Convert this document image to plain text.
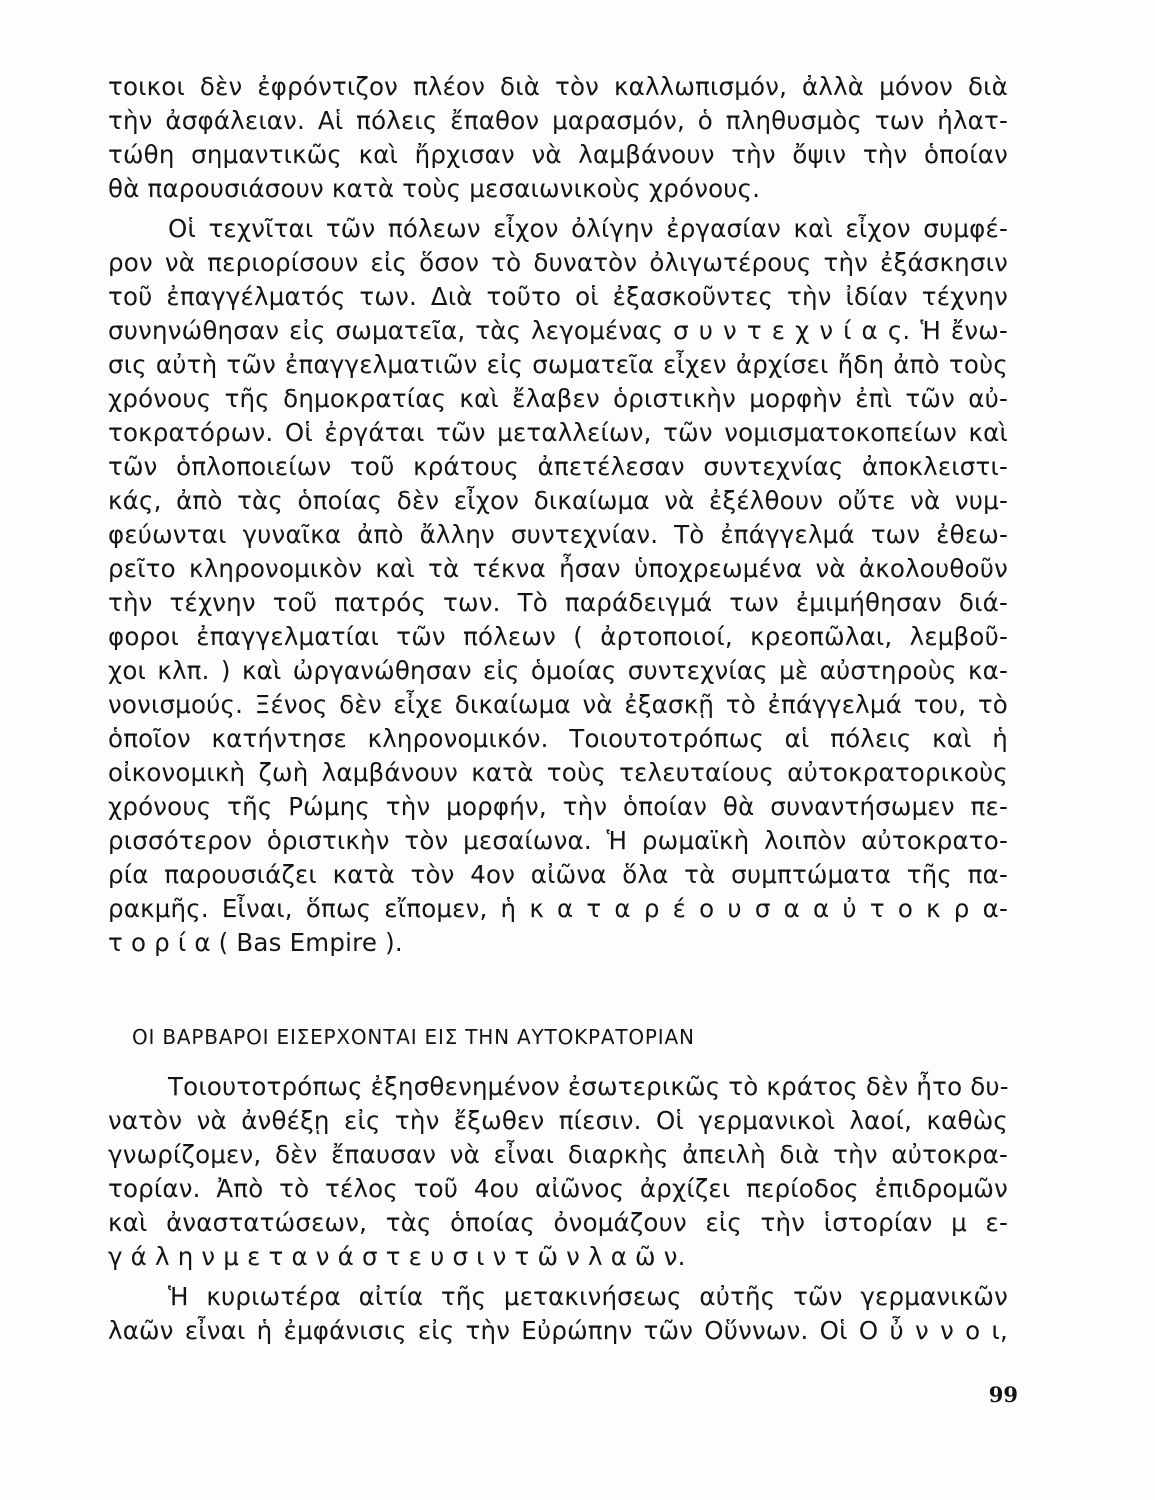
τοικοι δὲν ἐφρόντιζον πλέον διὰ τὸν καλλωπισμόν, ἀλλὰ μόνον διὰ
τὴν ἀσφάλειαν. Αἱ πόλεις ἔπαθον μαρασμόν, ὁ πληθυσμὸς των ἠλατ-
τώθη σημαντικῶς καὶ ἤρχισαν νὰ λαμβάνουν τὴν ὄψιν τὴν ὁποίαν
θὰ παρουσιάσουν κατὰ τοὺς μεσαιωνικοὺς χρόνους.
Οἱ τεχνῖται τῶν πόλεων εἶχον ὀλίγην ἐργασίαν καὶ εἶχον συμφέ-
ρον νὰ περιορίσουν εἰς ὅσον τὸ δυνατὸν ὀλιγωτέρους τὴν ἐξάσκησιν
τοῦ ἐπαγγέλματός των. Διὰ τοῦτο οἱ ἐξασκοῦντες τὴν ἰδίαν τέχνην
συνηνώθησαν εἰς σωματεῖα, τὰς λεγομένας σ υ ν τ ε χ ν ί α ς. Ἡ ἔνω-
σις αὐτὴ τῶν ἐπαγγελματιῶν εἰς σωματεῖα εἶχεν ἀρχίσει ἤδη ἀπὸ τοὺς
χρόνους τῆς δημοκρατίας καὶ ἔλαβεν ὁριστικὴν μορφὴν ἐπὶ τῶν αὐ-
τοκρατόρων. Οἱ ἐργάται τῶν μεταλλείων, τῶν νομισματοκοπείων καὶ
τῶν ὁπλοποιείων τοῦ κράτους ἀπετέλεσαν συντεχνίας ἀποκλειστι-
κάς, ἀπὸ τὰς ὁποίας δὲν εἶχον δικαίωμα νὰ ἐξέλθουν οὔτε νὰ νυμ-
φεύωνται γυναῖκα ἀπὸ ἄλλην συντεχνίαν. Τὸ ἐπάγγελμά των ἐθεω-
ρεῖτο κληρονομικὸν καὶ τὰ τέκνα ἦσαν ὑποχρεωμένα νὰ ἀκολουθοῦν
τὴν τέχνην τοῦ πατρός των. Τὸ παράδειγμά των ἐμιμήθησαν διά-
φοροι ἐπαγγελματίαι τῶν πόλεων ( ἀρτοποιοί, κρεοπῶλαι, λεμβοῦ-
χοι κλπ. ) καὶ ὠργανώθησαν εἰς ὁμοίας συντεχνίας μὲ αὐστηροὺς κα-
νονισμούς. Ξένος δὲν εἶχε δικαίωμα νὰ ἐξασκῇ τὸ ἐπάγγελμά του, τὸ
ὁποῖον κατήντησε κληρονομικόν. Τοιουτοτρόπως αἱ πόλεις καὶ ἡ
οἰκονομικὴ ζωὴ λαμβάνουν κατὰ τοὺς τελευταίους αὐτοκρατορικοὺς
χρόνους τῆς Ρώμης τὴν μορφήν, τὴν ὁποίαν θὰ συναντήσωμεν πε-
ρισσότερον ὁριστικὴν τὸν μεσαίωνα. Ἡ ρωμαϊκὴ λοιπὸν αὐτοκρατο-
ρία παρουσιάζει κατὰ τὸν 4ον αἰῶνα ὅλα τὰ συμπτώματα τῆς πα-
ρακμῆς. Εἶναι, ὅπως εἴπομεν, ἡ κ α τ α ρ έ ο υ σ α α ὐ τ ο κ ρ α-
τ ο ρ ί α ( Bas Empire ).
ΟΙ ΒΑΡΒΑΡΟΙ ΕΙΣΕΡΧΟΝΤΑΙ ΕΙΣ ΤΗΝ ΑΥΤΟΚΡΑΤΟΡΙΑΝ
Τοιουτοτρόπως ἐξησθενημένον ἐσωτερικῶς τὸ κράτος δὲν ἦτο δυ-
νατὸν νὰ ἀνθέξῃ εἰς τὴν ἔξωθεν πίεσιν. Οἱ γερμανικοὶ λαοί, καθὼς
γνωρίζομεν, δὲν ἔπαυσαν νὰ εἶναι διαρκὴς ἀπειλὴ διὰ τὴν αὐτοκρα-
τορίαν. Ἀπὸ τὸ τέλος τοῦ 4ου αἰῶνος ἀρχίζει περίοδος ἐπιδρομῶν
καὶ ἀναστατώσεων, τὰς ὁποίας ὀνομάζουν εἰς τὴν ἱστορίαν μ ε-
γ ά λ η ν μ ε τ α ν ά σ τ ε υ σ ι ν τ ῶ ν λ α ῶ ν.
Ἡ κυριωτέρα αἰτία τῆς μετακινήσεως αὐτῆς τῶν γερμανικῶν
λαῶν εἶναι ἡ ἐμφάνισις εἰς τὴν Εὐρώπην τῶν Οὕννων. Οἱ Ο ὖ ν ν ο ι,
99
